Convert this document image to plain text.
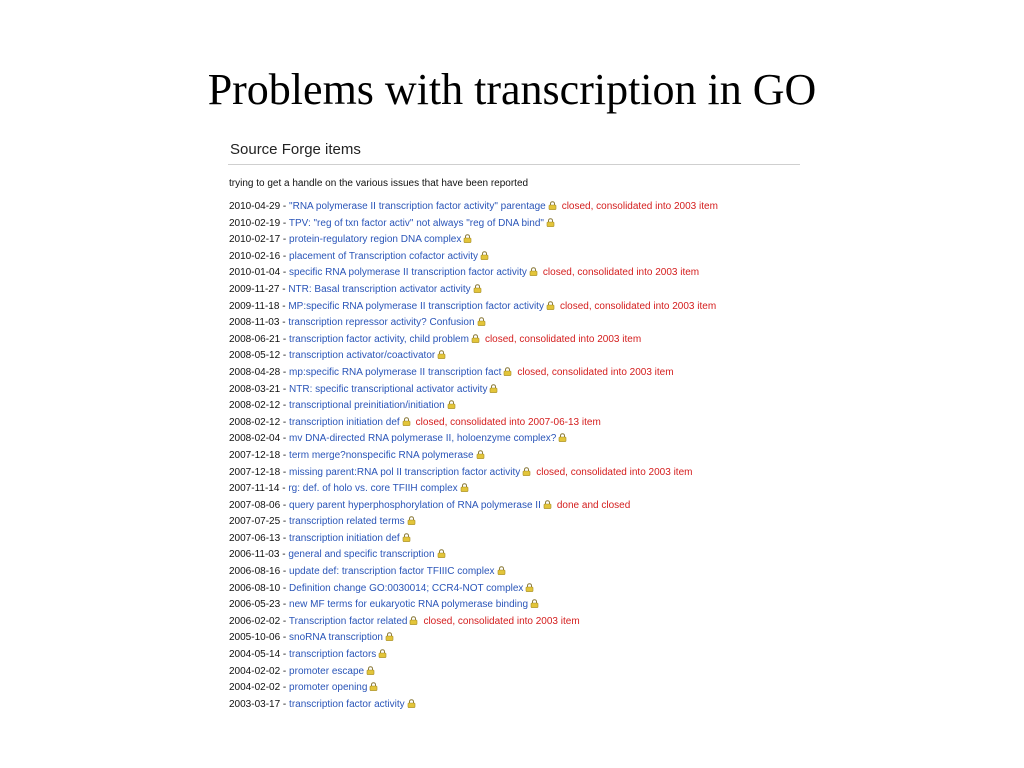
Problems with transcription in GO
Source Forge items

trying to get a handle on the various issues that have been reported

2010-04-29 - "RNA polymerase II transcription factor activity" parentage closed, consolidated into 2003 item
2010-02-19 - TPV: "reg of txn factor activ" not always "reg of DNA bind"
2010-02-17 - protein-regulatory region DNA complex
2010-02-16 - placement of Transcription cofactor activity
2010-01-04 - specific RNA polymerase II transcription factor activity closed, consolidated into 2003 item
2009-11-27 - NTR: Basal transcription activator activity
2009-11-18 - MP:specific RNA polymerase II transcription factor activity closed, consolidated into 2003 item
2008-11-03 - transcription repressor activity? Confusion
2008-06-21 - transcription factor activity, child problem closed, consolidated into 2003 item
2008-05-12 - transcription activator/coactivator
2008-04-28 - mp:specific RNA polymerase II transcription fact closed, consolidated into 2003 item
2008-03-21 - NTR: specific transcriptional activator activity
2008-02-12 - transcriptional preinitiation/initiation
2008-02-12 - transcription initiation def closed, consolidated into 2007-06-13 item
2008-02-04 - mv DNA-directed RNA polymerase II, holoenzyme complex?
2007-12-18 - term merge?nonspecific RNA polymerase
2007-12-18 - missing parent:RNA pol II transcription factor activity closed, consolidated into 2003 item
2007-11-14 - rg: def. of holo vs. core TFIIH complex
2007-08-06 - query parent hyperphosphorylation of RNA polymerase II done and closed
2007-07-25 - transcription related terms
2007-06-13 - transcription initiation def
2006-11-03 - general and specific transcription
2006-08-16 - update def: transcription factor TFIIIC complex
2006-08-10 - Definition change GO:0030014; CCR4-NOT complex
2006-05-23 - new MF terms for eukaryotic RNA polymerase binding
2006-02-02 - Transcription factor related closed, consolidated into 2003 item
2005-10-06 - snoRNA transcription
2004-05-14 - transcription factors
2004-02-02 - promoter escape
2004-02-02 - promoter opening
2003-03-17 - transcription factor activity
